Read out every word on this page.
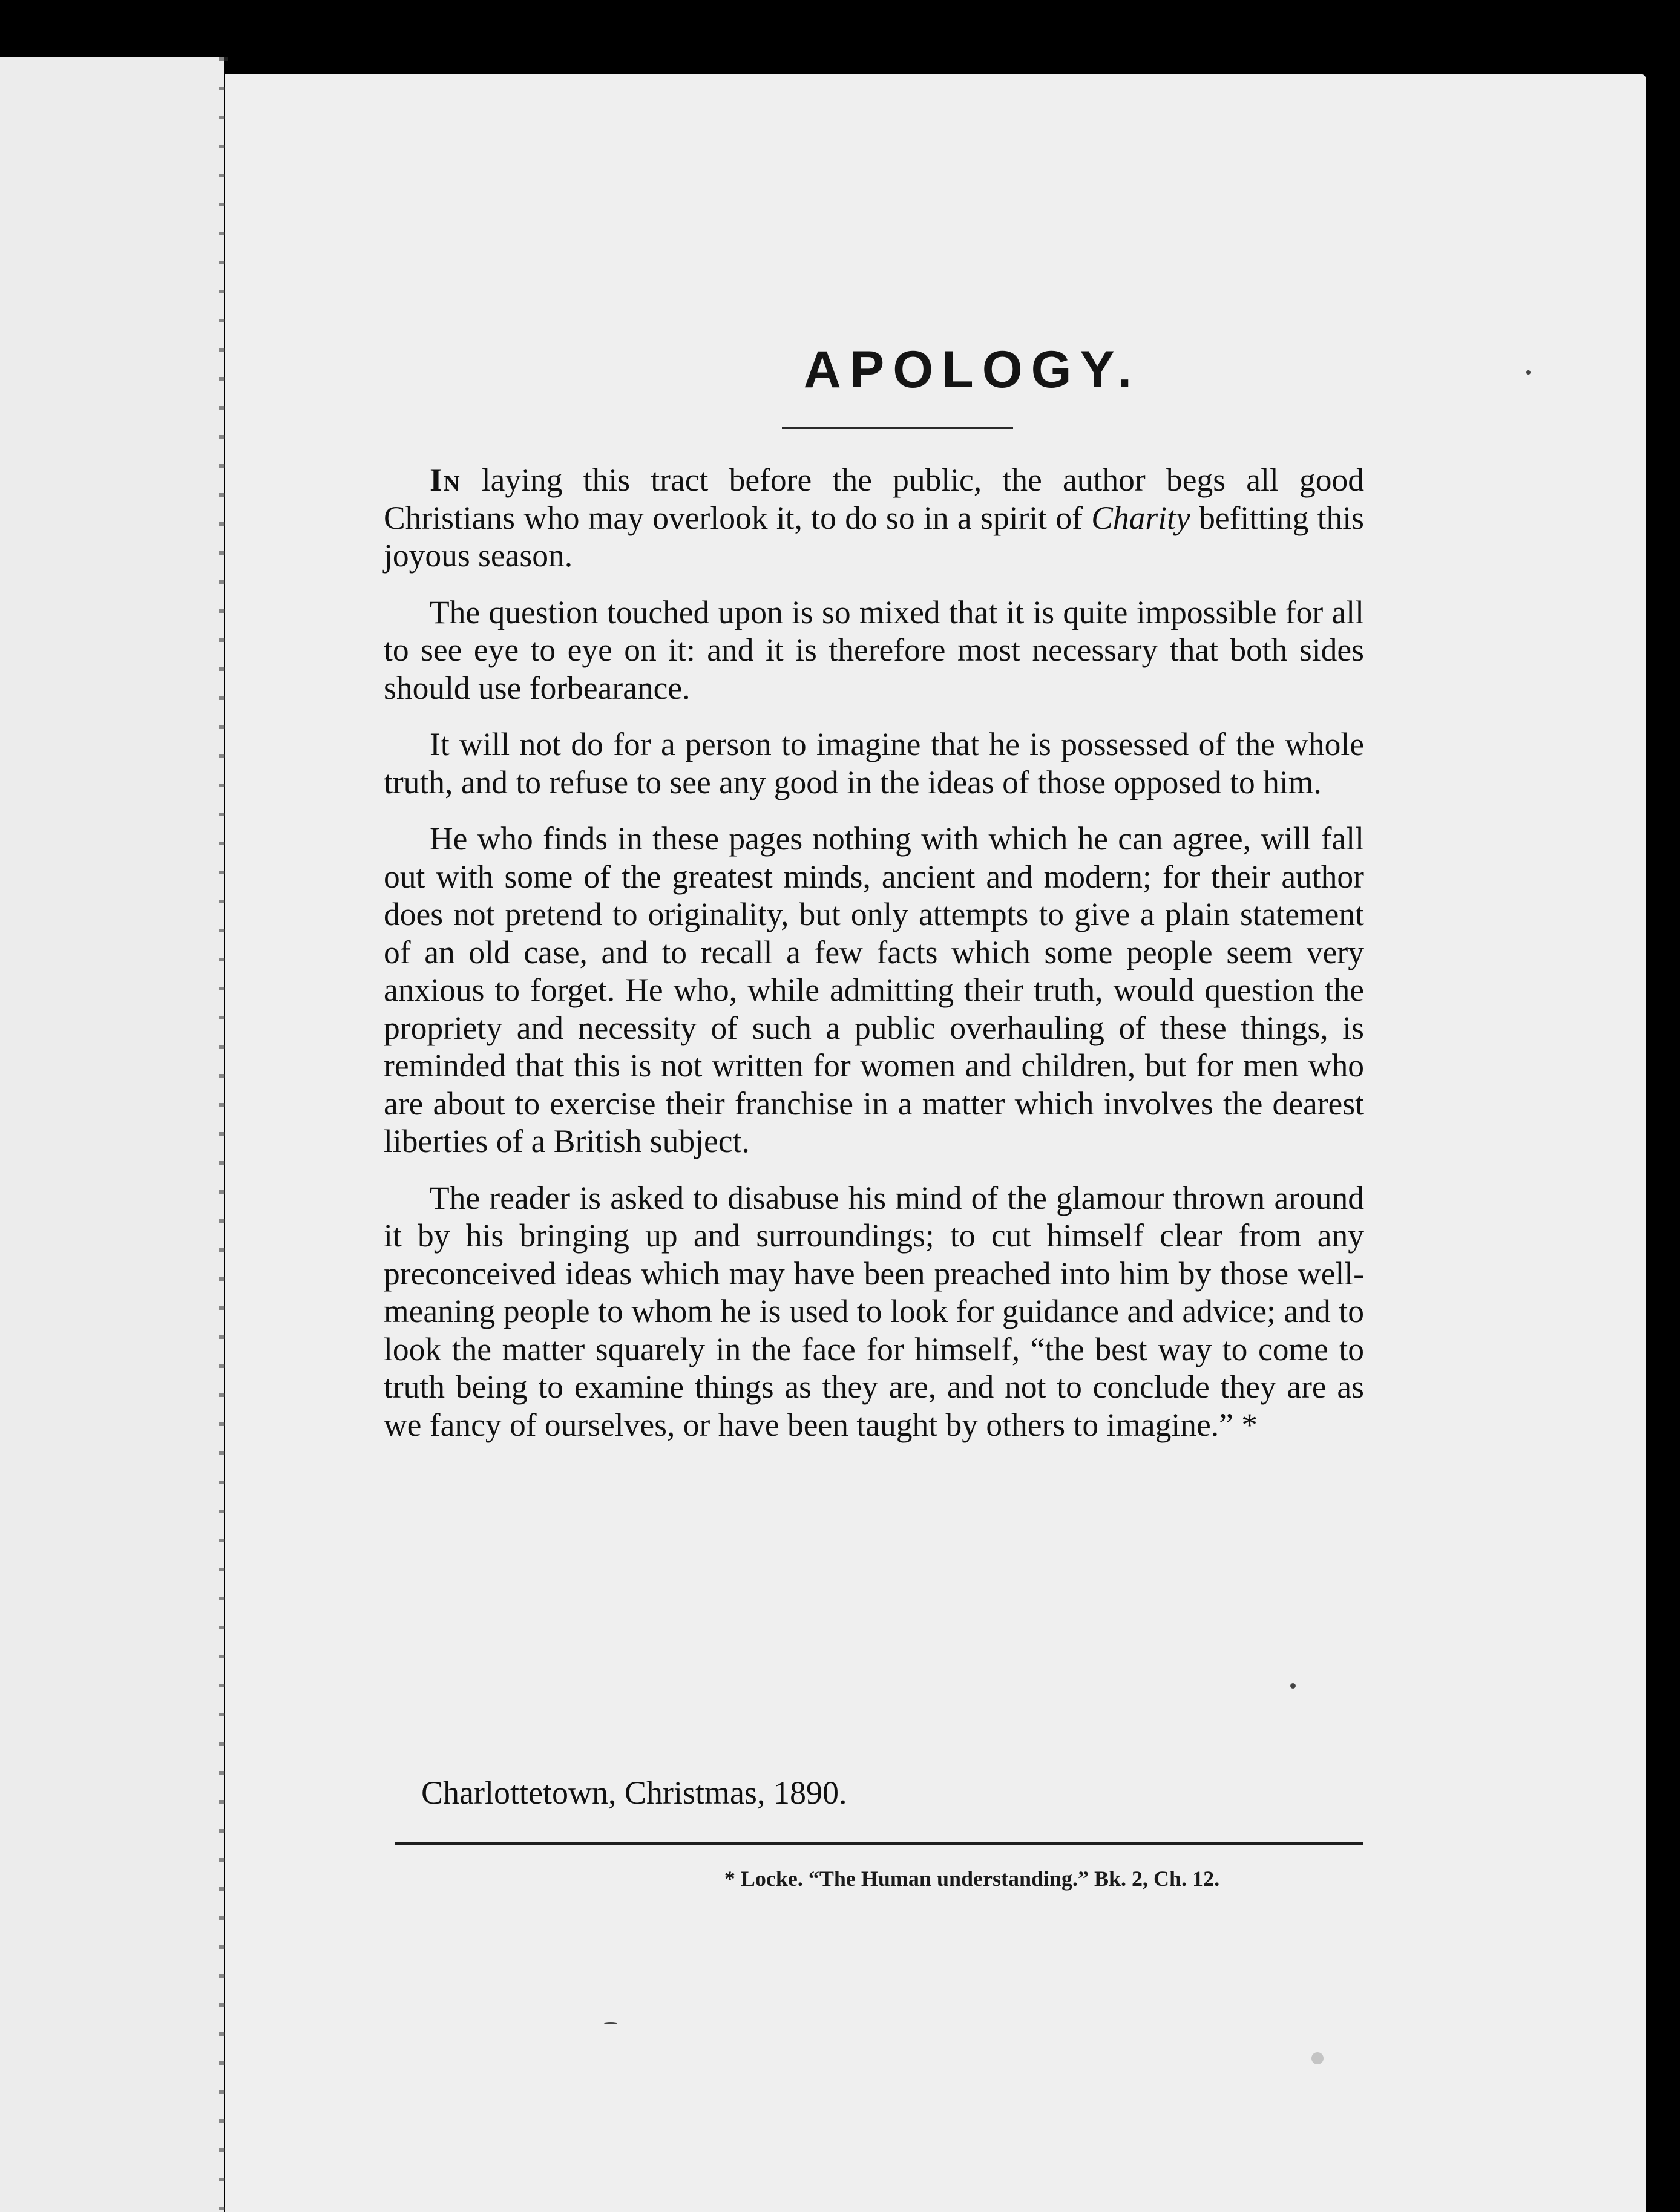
APOLOGY.

In laying this tract before the public, the author begs all good Christians who may overlook it, to do so in a spirit of Charity befitting this joyous season.

The question touched upon is so mixed that it is quite impossible for all to see eye to eye on it: and it is therefore most necessary that both sides should use forbearance.

It will not do for a person to imagine that he is possessed of the whole truth, and to refuse to see any good in the ideas of those opposed to him.

He who finds in these pages nothing with which he can agree, will fall out with some of the greatest minds, ancient and modern; for their author does not pretend to originality, but only attempts to give a plain statement of an old case, and to recall a few facts which some people seem very anxious to forget. He who, while admitting their truth, would question the propriety and necessity of such a public overhauling of these things, is reminded that this is not written for women and children, but for men who are about to exercise their franchise in a matter which involves the dearest liberties of a British subject.

The reader is asked to disabuse his mind of the glamour thrown around it by his bringing up and surroundings; to cut himself clear from any preconceived ideas which may have been preached into him by those well-meaning people to whom he is used to look for guidance and advice; and to look the matter squarely in the face for himself, “the best way to come to truth being to examine things as they are, and not to conclude they are as we fancy of ourselves, or have been taught by others to imagine.” *

Charlottetown, Christmas, 1890.
* Locke. “The Human understanding.” Bk. 2, Ch. 12.
